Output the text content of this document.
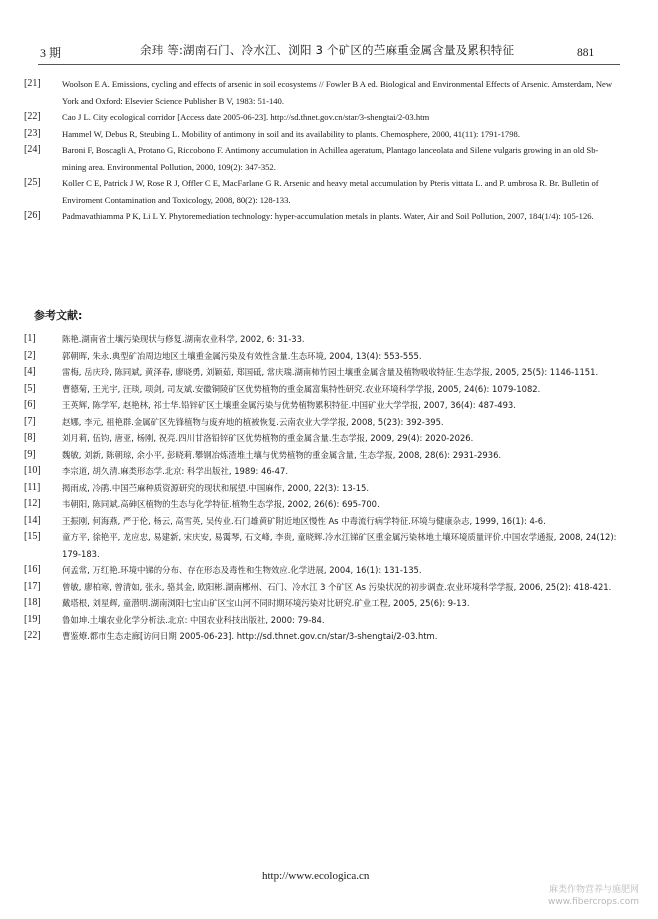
3 期	余玮 等:湖南石门、冷水江、浏阳 3 个矿区的苎麻重金属含量及累积特征	881
[21]	Woolson E A. Emissions, cycling and effects of arsenic in soil ecosystems // Fowler B A ed. Biological and Environmental Effects of Arsenic. Amsterdam, New York and Oxford: Elsevier Science Publisher B V, 1983: 51-140.
[22]	Cao J L. City ecological corridor [Access date 2005-06-23]. http://sd.thnet.gov.cn/star/3-shengtai/2-03.htm
[23]	Hammel W, Debus R, Steubing L. Mobility of antimony in soil and its availability to plants. Chemosphere, 2000, 41(11): 1791-1798.
[24]	Baroni F, Boscagli A, Protano G, Riccobono F. Antimony accumulation in Achillea ageratum, Plantago lanceolata and Silene vulgaris growing in an old Sb-mining area. Environmental Pollution, 2000, 109(2): 347-352.
[25]	Koller C E, Patrick J W, Rose R J, Offler C E, MacFarlane G R. Arsenic and heavy metal accumulation by Pteris vittata L. and P. umbrosa R. Br. Bulletin of Enviroment Contamination and Toxicology, 2008, 80(2): 128-133.
[26]	Padmavathiamma P K, Li L Y. Phytoremediation technology: hyper-accumulation metals in plants. Water, Air and Soil Pollution, 2007, 184(1/4): 105-126.
参考文献:
[1]	陈艳.湖南省土壤污染现状与修复.湖南农业科学, 2002, 6: 31-33.
[2]	郭朝晖, 朱永.典型矿冶周边地区土壤重金属污染及有效性含量.生态环境, 2004, 13(4): 553-555.
[4]	雷梅, 岳庆玲, 陈同斌, 黄泽春, 廖晓勇, 刘颖茹, 郑国砥, 常庆瑞.湖南柿竹园土壤重金属含量及植物吸收特征.生态学报, 2005, 25(5): 1146-1151.
[5]	曹德菊, 王光宇, 汪琰, 项剑, 司友斌.安徽铜陵矿区优势植物的重金属富集特性研究.农业环境科学学报, 2005, 24(6): 1079-1082.
[6]	王英辉, 陈学军, 赵艳林, 祁士华.铅锌矿区土壤重金属污染与优势植物累积特征.中国矿业大学学报, 2007, 36(4): 487-493.
[7]	赵娜, 李元, 祖艳群.金属矿区先锋植物与废弃地的植被恢复.云南农业大学学报, 2008, 5(23): 392-395.
[8]	刘月莉, 伍钧, 唐亚, 杨刚, 祝亮.四川甘洛铅锌矿区优势植物的重金属含量.生态学报, 2009, 29(4): 2020-2026.
[9]	魏敏, 刘新, 陈朝琼, 余小平, 彭晓莉.攀钢冶炼渣堆土壤与优势植物的重金属含量, 生态学报, 2008, 28(6): 2931-2936.
[10]	李宗道, 胡久清.麻类形态学.北京: 科学出版社, 1989: 46-47.
[11]	揭雨成, 冷鹃.中国苎麻种质资源研究的现状和展望.中国麻作, 2000, 22(3): 13-15.
[12]	韦朝阳, 陈同斌.高砷区植物的生态与化学特征.植物生态学报, 2002, 26(6): 695-700.
[14]	王振刚, 何海燕, 严于伦, 杨云, 高雪英, 吴传业.石门雄黄矿附近地区慢性 As 中毒流行病学特征.环境与健康杂志, 1999, 16(1): 4-6.
[15]	童方平, 徐艳平, 龙应忠, 易建新, 宋庆安, 易霭琴, 石文峰, 李贵, 童晓辉.冷水江锑矿区重金属污染林地土壤环境质量评价.中国农学通报, 2008, 24(12): 179-183.
[16]	何孟常, 万红艳.环境中锑的分布、存在形态及毒性和生物效应.化学进展, 2004, 16(1): 131-135.
[17]	曾敏, 廖柏寒, 曾清如, 张永, 骆其金, 欧阳彬.湖南郴州、石门、冷水江 3 个矿区 As 污染状况的初步调查.农业环境科学学报, 2006, 25(2): 418-421.
[18]	戴塔根, 刘星辉, 童潜明.湖南浏阳七宝山矿区宝山河不同时期环境污染对比研究.矿业工程, 2005, 25(6): 9-13.
[19]	鲁如坤.土壤农业化学分析法.北京: 中国农业科技出版社, 2000: 79-84.
[22]	曹鉴燎.都市生态走廊[访问日期 2005-06-23]. http://sd.thnet.gov.cn/star/3-shengtai/2-03.htm.
http://www.ecologica.cn
麻类作物营养与施肥网
www.fibercrops.com
